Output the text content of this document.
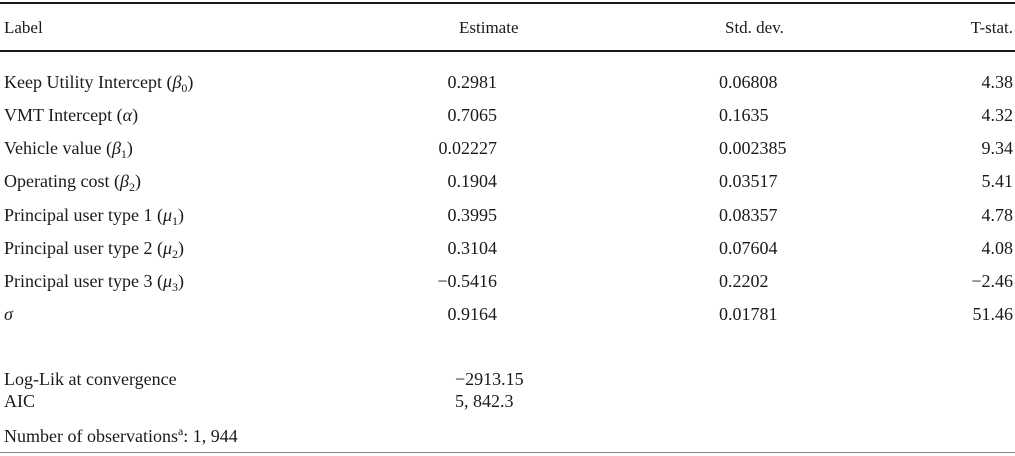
Label	Estimate	Std. dev.	T-stat.
Keep Utility Intercept $(\beta_0)$	0.2981	0.06808	4.38
VMT Intercept (α)	0.7065	0.1635	4.32
Vehicle value $(\beta_1)$	0.02227	0.002385	9.34
Operating cost $(\beta_2)$	0.1904	0.03517	5.41
Principal user type 1 $(\mu_1)$	0.3995	0.08357	4.78
Principal user type 2 $(\mu_2)$	0.3104	0.07604	4.08
Principal user type 3 $(\mu_3)$	−0.5416	0.2202	−2.46
σ	0.9164	0.01781	51.46
Log-Lik at convergence	−2913.15
AIC	5, 842.3
Number of observations$^a$: 1, 944
